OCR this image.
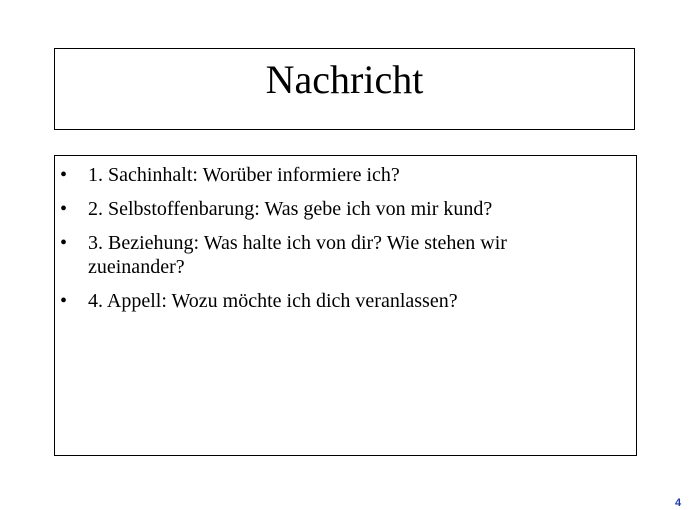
Nachricht
• 1. Sachinhalt: Worüber informiere ich?
• 2. Selbstoffenbarung: Was gebe ich von mir kund?
• 3. Beziehung: Was halte ich von dir? Wie stehen wir zueinander?
• 4. Appell: Wozu möchte ich dich veranlassen?
4
